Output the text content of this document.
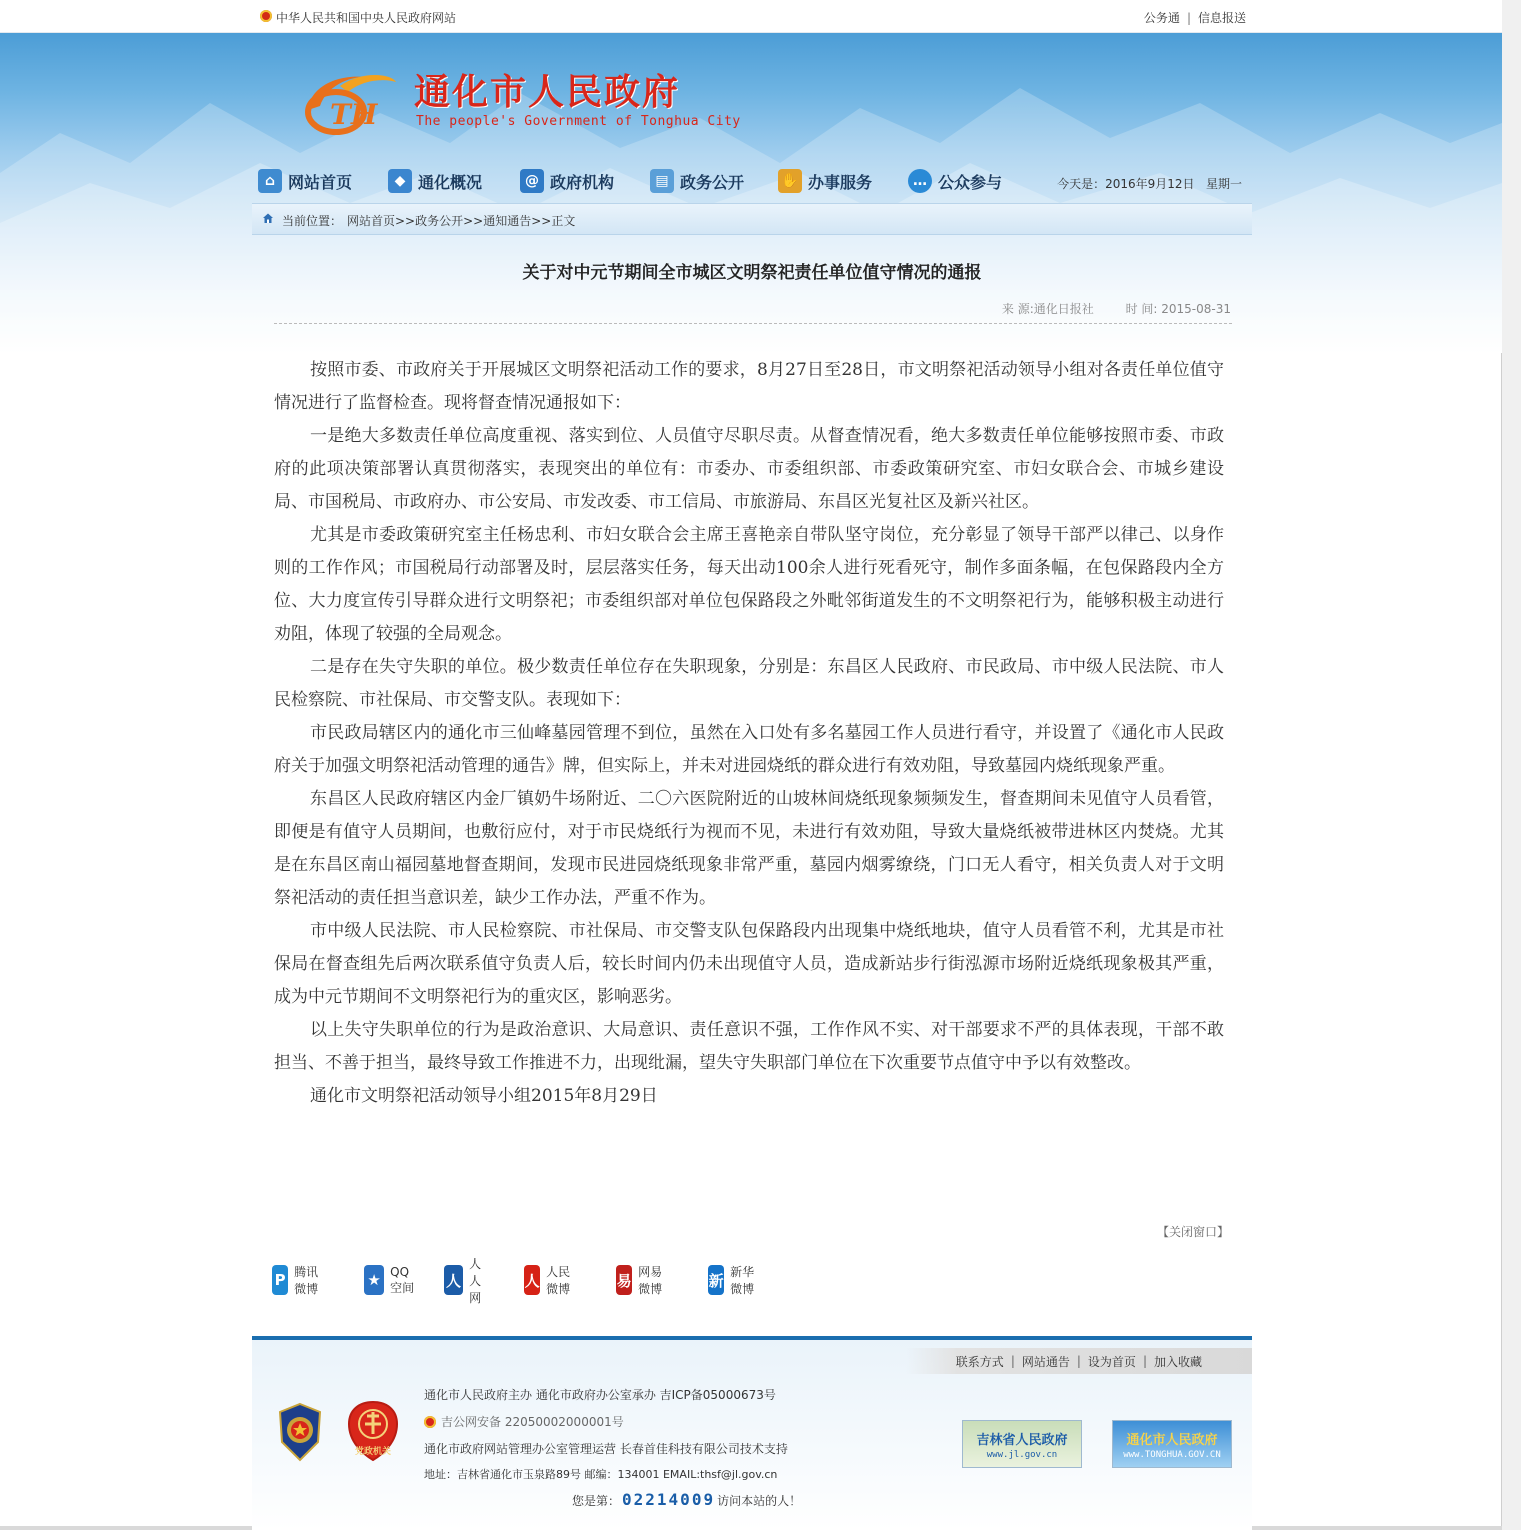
中华人民共和国中央人民政府网站	公务通 | 信息报送
TH
通化市人民政府
The people's Government of Tonghua City
⌂ 网站首页	◆ 通化概况	@ 政府机构	▤ 政务公开	✋ 办事服务	… 公众参与	今天是：2016年9月12日 星期一
当前位置： 网站首页>>政务公开>>通知通告>>正文
关于对中元节期间全市城区文明祭祀责任单位值守情况的通报
来 源:通化日报社	时 间: 2015-08-31

按照市委、市政府关于开展城区文明祭祀活动工作的要求，8月27日至28日，市文明祭祀活动领导小组对各责任单位值守情况进行了监督检查。现将督查情况通报如下：

一是绝大多数责任单位高度重视、落实到位、人员值守尽职尽责。从督查情况看，绝大多数责任单位能够按照市委、市政府的此项决策部署认真贯彻落实，表现突出的单位有：市委办、市委组织部、市委政策研究室、市妇女联合会、市城乡建设局、市国税局、市政府办、市公安局、市发改委、市工信局、市旅游局、东昌区光复社区及新兴社区。

尤其是市委政策研究室主任杨忠利、市妇女联合会主席王喜艳亲自带队坚守岗位，充分彰显了领导干部严以律己、以身作则的工作作风；市国税局行动部署及时，层层落实任务，每天出动100余人进行死看死守，制作多面条幅，在包保路段内全方位、大力度宣传引导群众进行文明祭祀；市委组织部对单位包保路段之外毗邻街道发生的不文明祭祀行为，能够积极主动进行劝阻，体现了较强的全局观念。

二是存在失守失职的单位。极少数责任单位存在失职现象，分别是：东昌区人民政府、市民政局、市中级人民法院、市人民检察院、市社保局、市交警支队。表现如下：

市民政局辖区内的通化市三仙峰墓园管理不到位，虽然在入口处有多名墓园工作人员进行看守，并设置了《通化市人民政府关于加强文明祭祀活动管理的通告》牌，但实际上，并未对进园烧纸的群众进行有效劝阻，导致墓园内烧纸现象严重。

东昌区人民政府辖区内金厂镇奶牛场附近、二〇六医院附近的山坡林间烧纸现象频频发生，督查期间未见值守人员看管，即便是有值守人员期间，也敷衍应付，对于市民烧纸行为视而不见，未进行有效劝阻，导致大量烧纸被带进林区内焚烧。尤其是在东昌区南山福园墓地督查期间，发现市民进园烧纸现象非常严重，墓园内烟雾缭绕，门口无人看守，相关负责人对于文明祭祀活动的责任担当意识差，缺少工作办法，严重不作为。

市中级人民法院、市人民检察院、市社保局、市交警支队包保路段内出现集中烧纸地块，值守人员看管不利，尤其是市社保局在督查组先后两次联系值守负责人后，较长时间内仍未出现值守人员，造成新站步行街泓源市场附近烧纸现象极其严重，成为中元节期间不文明祭祀行为的重灾区，影响恶劣。

以上失守失职单位的行为是政治意识、大局意识、责任意识不强，工作作风不实、对干部要求不严的具体表现，干部不敢担当、不善于担当，最终导致工作推进不力，出现纰漏，望失守失职部门单位在下次重要节点值守中予以有效整改。

通化市文明祭祀活动领导小组2015年8月29日

【关闭窗口】
P 腾讯微博	★ QQ空间	人
人人网
人 人民微博	易 网易微博	新 新华微博
联系方式 | 网站通告 | 设为首页 | 加入收藏
党政机关
通化市人民政府主办 通化市政府办公室承办 吉ICP备05000673号
吉公网安备 22050002000001号
通化市政府网站管理办公室管理运营 长春首佳科技有限公司技术支持
地址：吉林省通化市玉泉路89号 邮编：134001 EMAIL:thsf@jl.gov.cn
您是第： 02214009 访问本站的人！
吉林省人民政府
www.jl.gov.cn
通化市人民政府
www.TONGHUA.GOV.CN
